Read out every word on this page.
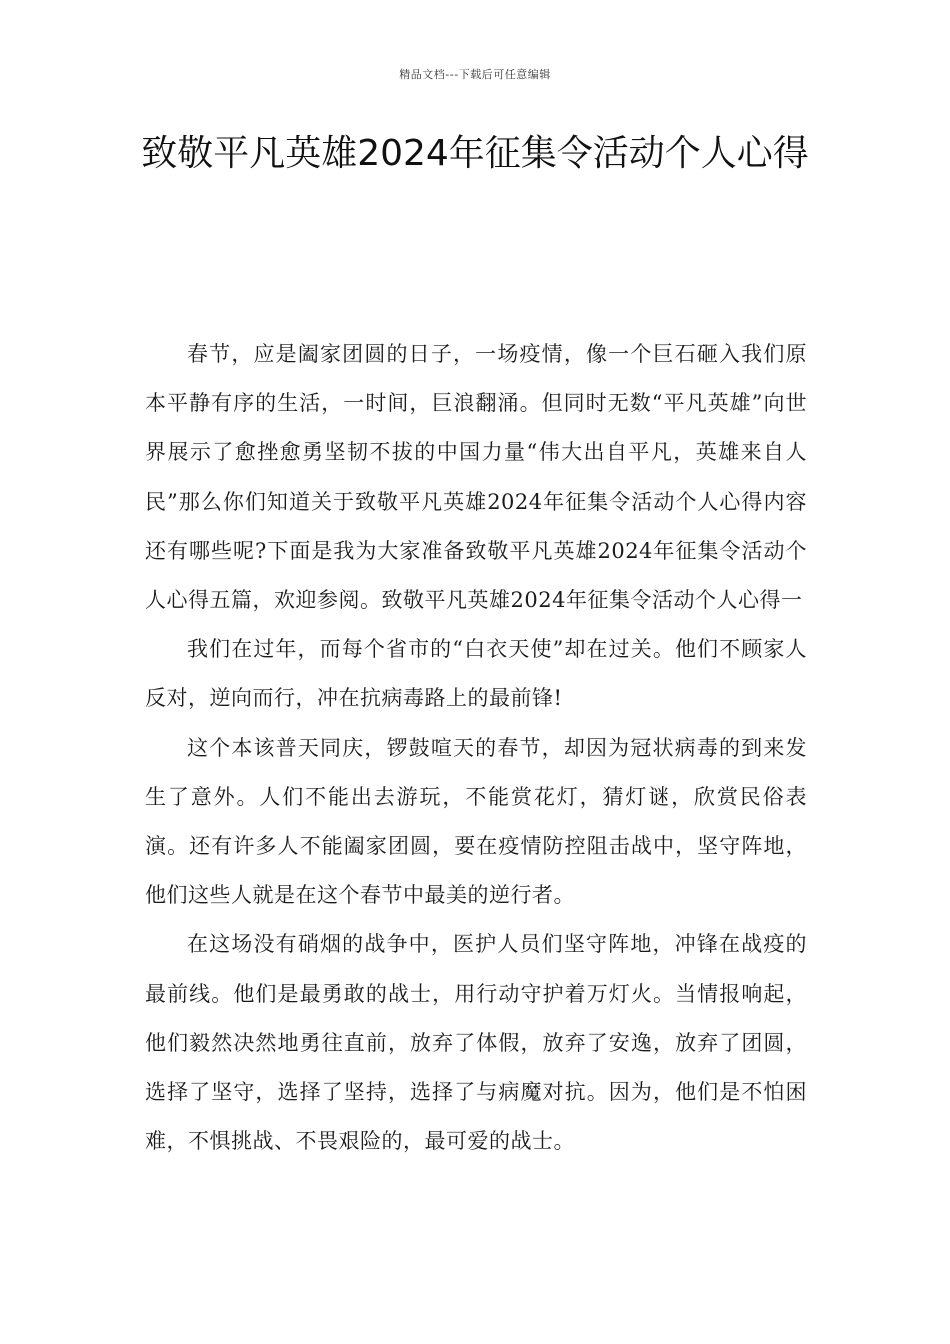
精品文档---下载后可任意编辑
致敬平凡英雄2024年征集令活动个人心得

春节，应是阖家团圆的日子，一场疫情，像一个巨石砸入我们原本平静有序的生活，一时间，巨浪翻涌。但同时无数“平凡英雄”向世界展示了愈挫愈勇坚韧不拔的中国力量“伟大出自平凡，英雄来自人民”那么你们知道关于致敬平凡英雄2024年征集令活动个人心得内容还有哪些呢?下面是我为大家准备致敬平凡英雄2024年征集令活动个人心得五篇，欢迎参阅。致敬平凡英雄2024年征集令活动个人心得一

我们在过年，而每个省市的“白衣天使”却在过关。他们不顾家人反对，逆向而行，冲在抗病毒路上的最前锋!

这个本该普天同庆，锣鼓喧天的春节，却因为冠状病毒的到来发生了意外。人们不能出去游玩，不能赏花灯，猜灯谜，欣赏民俗表演。还有许多人不能阖家团圆，要在疫情防控阻击战中，坚守阵地，他们这些人就是在这个春节中最美的逆行者。

在这场没有硝烟的战争中，医护人员们坚守阵地，冲锋在战疫的最前线。他们是最勇敢的战士，用行动守护着万灯火。当情报响起，他们毅然决然地勇往直前，放弃了体假，放弃了安逸，放弃了团圆，选择了坚守，选择了坚持，选择了与病魔对抗。因为，他们是不怕困难，不惧挑战、不畏艰险的，最可爱的战士。
